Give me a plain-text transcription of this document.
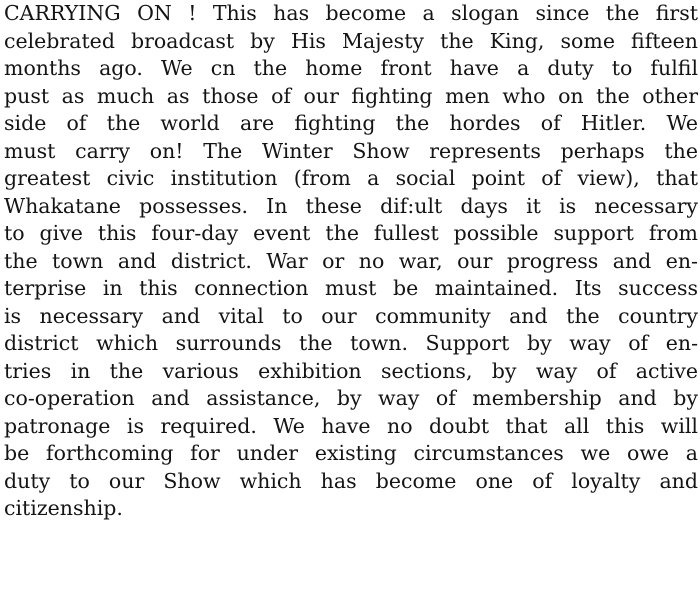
CARRYING ON ! This has become a slogan since the first
celebrated broadcast by His Majesty the King, some fifteen
months ago. We cn the home front have a duty to fulfil
pust as much as those of our fighting men who on the other
side of the world are fighting the hordes of Hitler. We
must carry on! The Winter Show represents perhaps the
greatest civic institution (from a social point of view), that
Whakatane possesses. In these dif:ult days it is necessary
to give this four-day event the fullest possible support from
the town and district. War or no war, our progress and en-
terprise in this connection must be maintained. Its success
is necessary and vital to our community and the country
district which surrounds the town. Support by way of en-
tries in the various exhibition sections, by way of active
co-operation and assistance, by way of membership and by
patronage is required. We have no doubt that all this will
be forthcoming for under existing circumstances we owe a
duty to our Show which has become one of loyalty and
citizenship.
